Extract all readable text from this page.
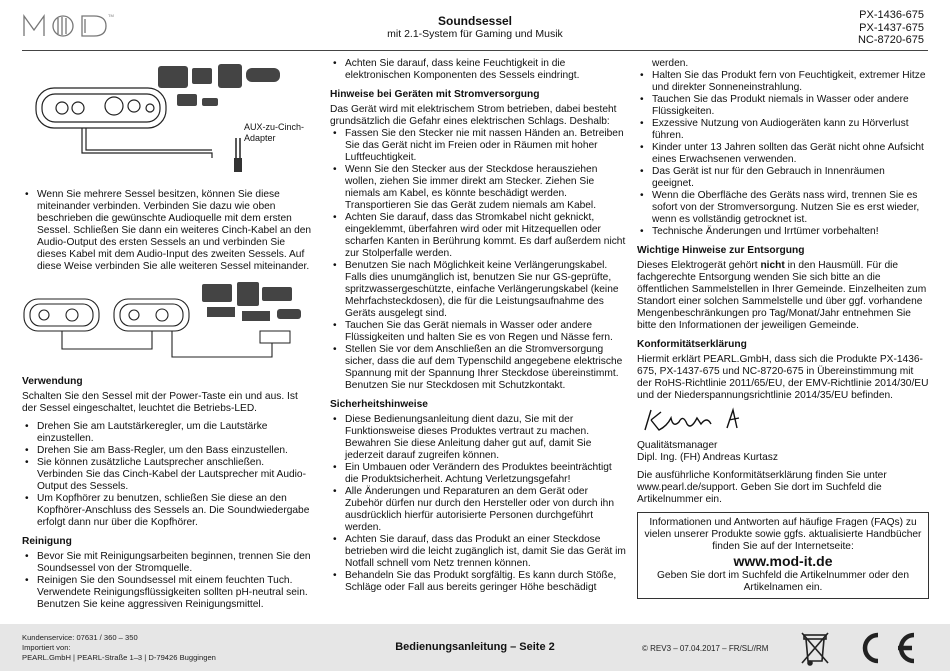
TM	Soundsessel
mit 2.1-System für Gaming und Musik
PX-1436-675
PX-1437-675
NC-8720-675
AUX-zu-Cinch-
Adapter
• Wenn Sie mehrere Sessel besitzen, können Sie diese miteinander verbinden. Verbinden Sie dazu wie oben beschrieben die gewünschte Audioquelle mit dem ersten Sessel. Schließen Sie dann ein weiteres Cinch-Kabel an den Audio-Output des ersten Sessels an und verbinden Sie dieses Kabel mit dem Audio-Input des zweiten Sessels. Auf diese Weise verbinden Sie alle weiteren Sessel miteinander.

Verwendung

Schalten Sie den Sessel mit der Power-Taste ein und aus. Ist der Sessel eingeschaltet, leuchtet die Betriebs-LED.

• Drehen Sie am Lautstärkeregler, um die Lautstärke einzustellen.
• Drehen Sie am Bass-Regler, um den Bass einzustellen.
• Sie können zusätzliche Lautsprecher anschließen. Verbinden Sie das Cinch-Kabel der Lautsprecher mit Audio-Output des Sessels.
• Um Kopfhörer zu benutzen, schließen Sie diese an den Kopfhörer-Anschluss des Sessels an. Die Soundwiedergabe erfolgt dann nur über die Kopfhörer.

Reinigung

• Bevor Sie mit Reinigungsarbeiten beginnen, trennen Sie den Soundsessel von der Stromquelle.
• Reinigen Sie den Soundsessel mit einem feuchten Tuch. Verwendete Reinigungsflüssigkeiten sollten pH-neutral sein. Benutzen Sie keine aggressiven Reinigungsmittel.
• Achten Sie darauf, dass keine Feuchtigkeit in die elektronischen Komponenten des Sessels eindringt.

Hinweise bei Geräten mit Stromversorgung

Das Gerät wird mit elektrischem Strom betrieben, dabei besteht grundsätzlich die Gefahr eines elektrischen Schlags. Deshalb:

• Fassen Sie den Stecker nie mit nassen Händen an. Betreiben Sie das Gerät nicht im Freien oder in Räumen mit hoher Luftfeuchtigkeit.
• Wenn Sie den Stecker aus der Steckdose herausziehen wollen, ziehen Sie immer direkt am Stecker. Ziehen Sie niemals am Kabel, es könnte beschädigt werden. Transportieren Sie das Gerät zudem niemals am Kabel.
• Achten Sie darauf, dass das Stromkabel nicht geknickt, eingeklemmt, überfahren wird oder mit Hitzequellen oder scharfen Kanten in Berührung kommt. Es darf außerdem nicht zur Stolperfalle werden.
• Benutzen Sie nach Möglichkeit keine Verlängerungskabel. Falls dies unumgänglich ist, benutzen Sie nur GS-geprüfte, spritzwassergeschützte, einfache Verlängerungskabel (keine Mehrfachsteckdosen), die für die Leistungsaufnahme des Geräts ausgelegt sind.
• Tauchen Sie das Gerät niemals in Wasser oder andere Flüssigkeiten und halten Sie es von Regen und Nässe fern.
• Stellen Sie vor dem Anschließen an die Stromversorgung sicher, dass die auf dem Typenschild angegebene elektrische Spannung mit der Spannung Ihrer Steckdose übereinstimmt. Benutzen Sie nur Steckdosen mit Schutzkontakt.

Sicherheitshinweise

• Diese Bedienungsanleitung dient dazu, Sie mit der Funktionsweise dieses Produktes vertraut zu machen. Bewahren Sie diese Anleitung daher gut auf, damit Sie jederzeit darauf zugreifen können.
• Ein Umbauen oder Verändern des Produktes beeinträchtigt die Produktsicherheit. Achtung Verletzungsgefahr!
• Alle Änderungen und Reparaturen an dem Gerät oder Zubehör dürfen nur durch den Hersteller oder von durch ihn ausdrücklich hierfür autorisierte Personen durchgeführt werden.
• Achten Sie darauf, dass das Produkt an einer Steckdose betrieben wird die leicht zugänglich ist, damit Sie das Gerät im Notfall schnell vom Netz trennen können.
• Behandeln Sie das Produkt sorgfältig. Es kann durch Stöße, Schläge oder Fall aus bereits geringer Höhe beschädigt

werden.

• Halten Sie das Produkt fern von Feuchtigkeit, extremer Hitze und direkter Sonneneinstrahlung.
• Tauchen Sie das Produkt niemals in Wasser oder andere Flüssigkeiten.
• Exzessive Nutzung von Audiogeräten kann zu Hörverlust führen.
• Kinder unter 13 Jahren sollten das Gerät nicht ohne Aufsicht eines Erwachsenen verwenden.
• Das Gerät ist nur für den Gebrauch in Innenräumen geeignet.
• Wenn die Oberfläche des Geräts nass wird, trennen Sie es sofort von der Stromversorgung. Nutzen Sie es erst wieder, wenn es vollständig getrocknet ist.
• Technische Änderungen und Irrtümer vorbehalten!

Wichtige Hinweise zur Entsorgung

Dieses Elektrogerät gehört nicht in den Hausmüll. Für die fachgerechte Entsorgung wenden Sie sich bitte an die öffentlichen Sammelstellen in Ihrer Gemeinde. Einzelheiten zum Standort einer solchen Sammelstelle und über ggf. vorhandene Mengenbeschränkungen pro Tag/Monat/Jahr entnehmen Sie bitte den Informationen der jeweiligen Gemeinde.

Konformitätserklärung

Hiermit erklärt PEARL.GmbH, dass sich die Produkte PX-1436-675, PX-1437-675 und NC-8720-675 in Übereinstimmung mit der RoHS-Richtlinie 2011/65/EU, der EMV-Richtlinie 2014/30/EU und der Niederspannungsrichtlinie 2014/35/EU befinden.

Qualitätsmanager

Dipl. Ing. (FH) Andreas Kurtasz

Die ausführliche Konformitätserklärung finden Sie unter www.pearl.de/support. Geben Sie dort im Suchfeld die Artikelnummer ein.

Informationen und Antworten auf häufige Fragen (FAQs) zu vielen unserer Produkte sowie ggfs. aktualisierte Handbücher finden Sie auf der Internetseite:

www.mod-it.de

Geben Sie dort im Suchfeld die Artikelnummer oder den Artikelnamen ein.

Kundenservice: 07631 / 360 – 350
Importiert von:
PEARL.GmbH | PEARL-Straße 1–3 | D-79426 Buggingen
Bedienungsanleitung – Seite 2	© REV3 – 07.04.2017 – FR/SL//RM
